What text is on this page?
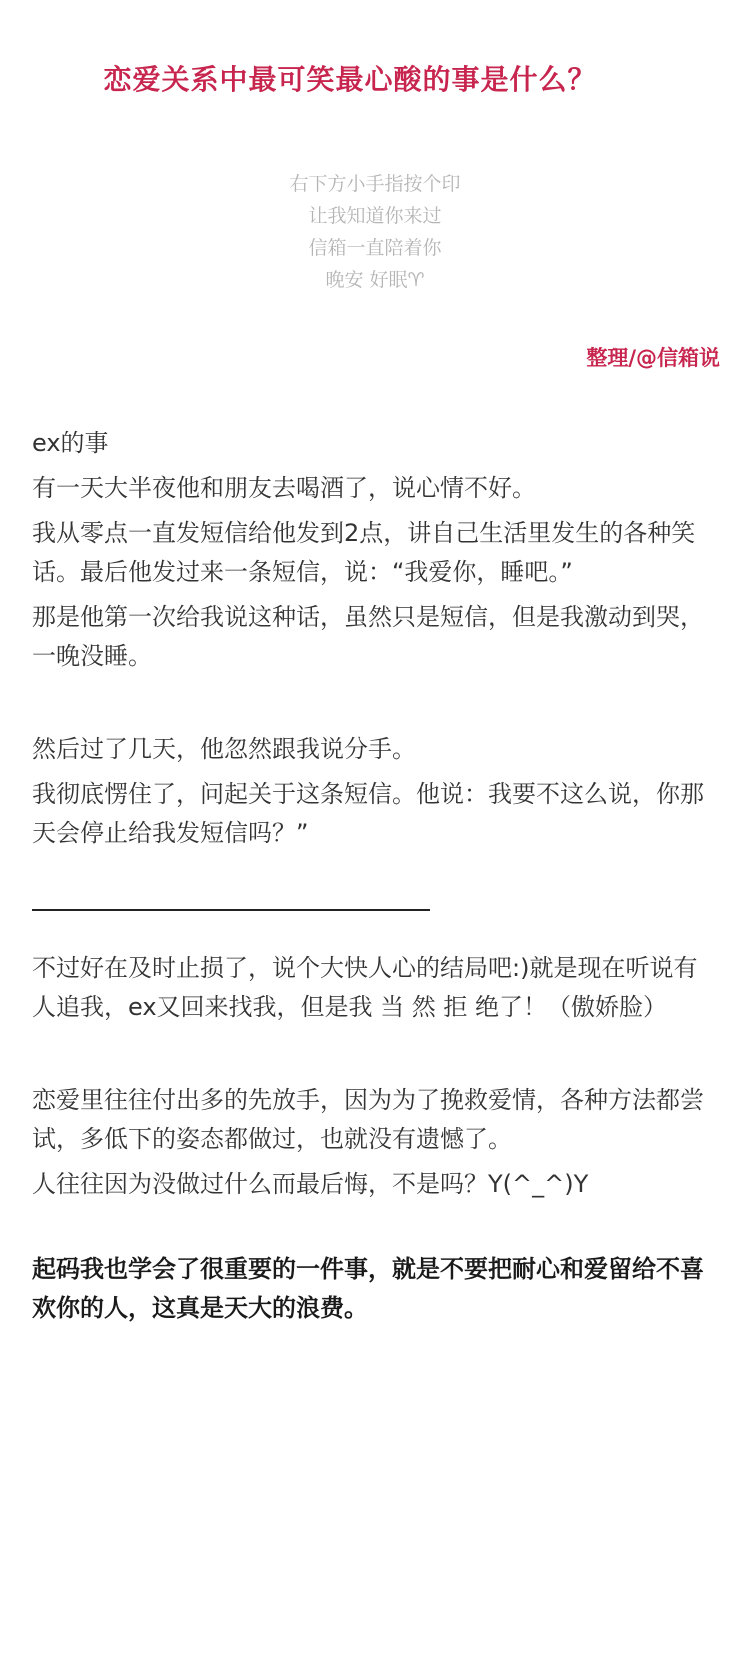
恋爱关系中最可笑最心酸的事是什么？
右下方小手指按个印
让我知道你来过
信箱一直陪着你
晚安 好眠♈
整理/@信箱说

ex的事

有一天大半夜他和朋友去喝酒了，说心情不好。

我从零点一直发短信给他发到2点，讲自己生活里发生的各种笑话。最后他发过来一条短信，说：“我爱你，睡吧。”

那是他第一次给我说这种话，虽然只是短信，但是我激动到哭，一晚没睡。

然后过了几天，他忽然跟我说分手。

我彻底愣住了，问起关于这条短信。他说：我要不这么说，你那天会停止给我发短信吗？”

不过好在及时止损了，说个大快人心的结局吧:)就是现在听说有人追我，ex又回来找我，但是我 当 然 拒 绝了！（傲娇脸）

恋爱里往往付出多的先放手，因为为了挽救爱情，各种方法都尝试，多低下的姿态都做过，也就没有遗憾了。

人往往因为没做过什么而最后悔，不是吗？Y(^_^)Y

起码我也学会了很重要的一件事，就是不要把耐心和爱留给不喜欢你的人，这真是天大的浪费。
